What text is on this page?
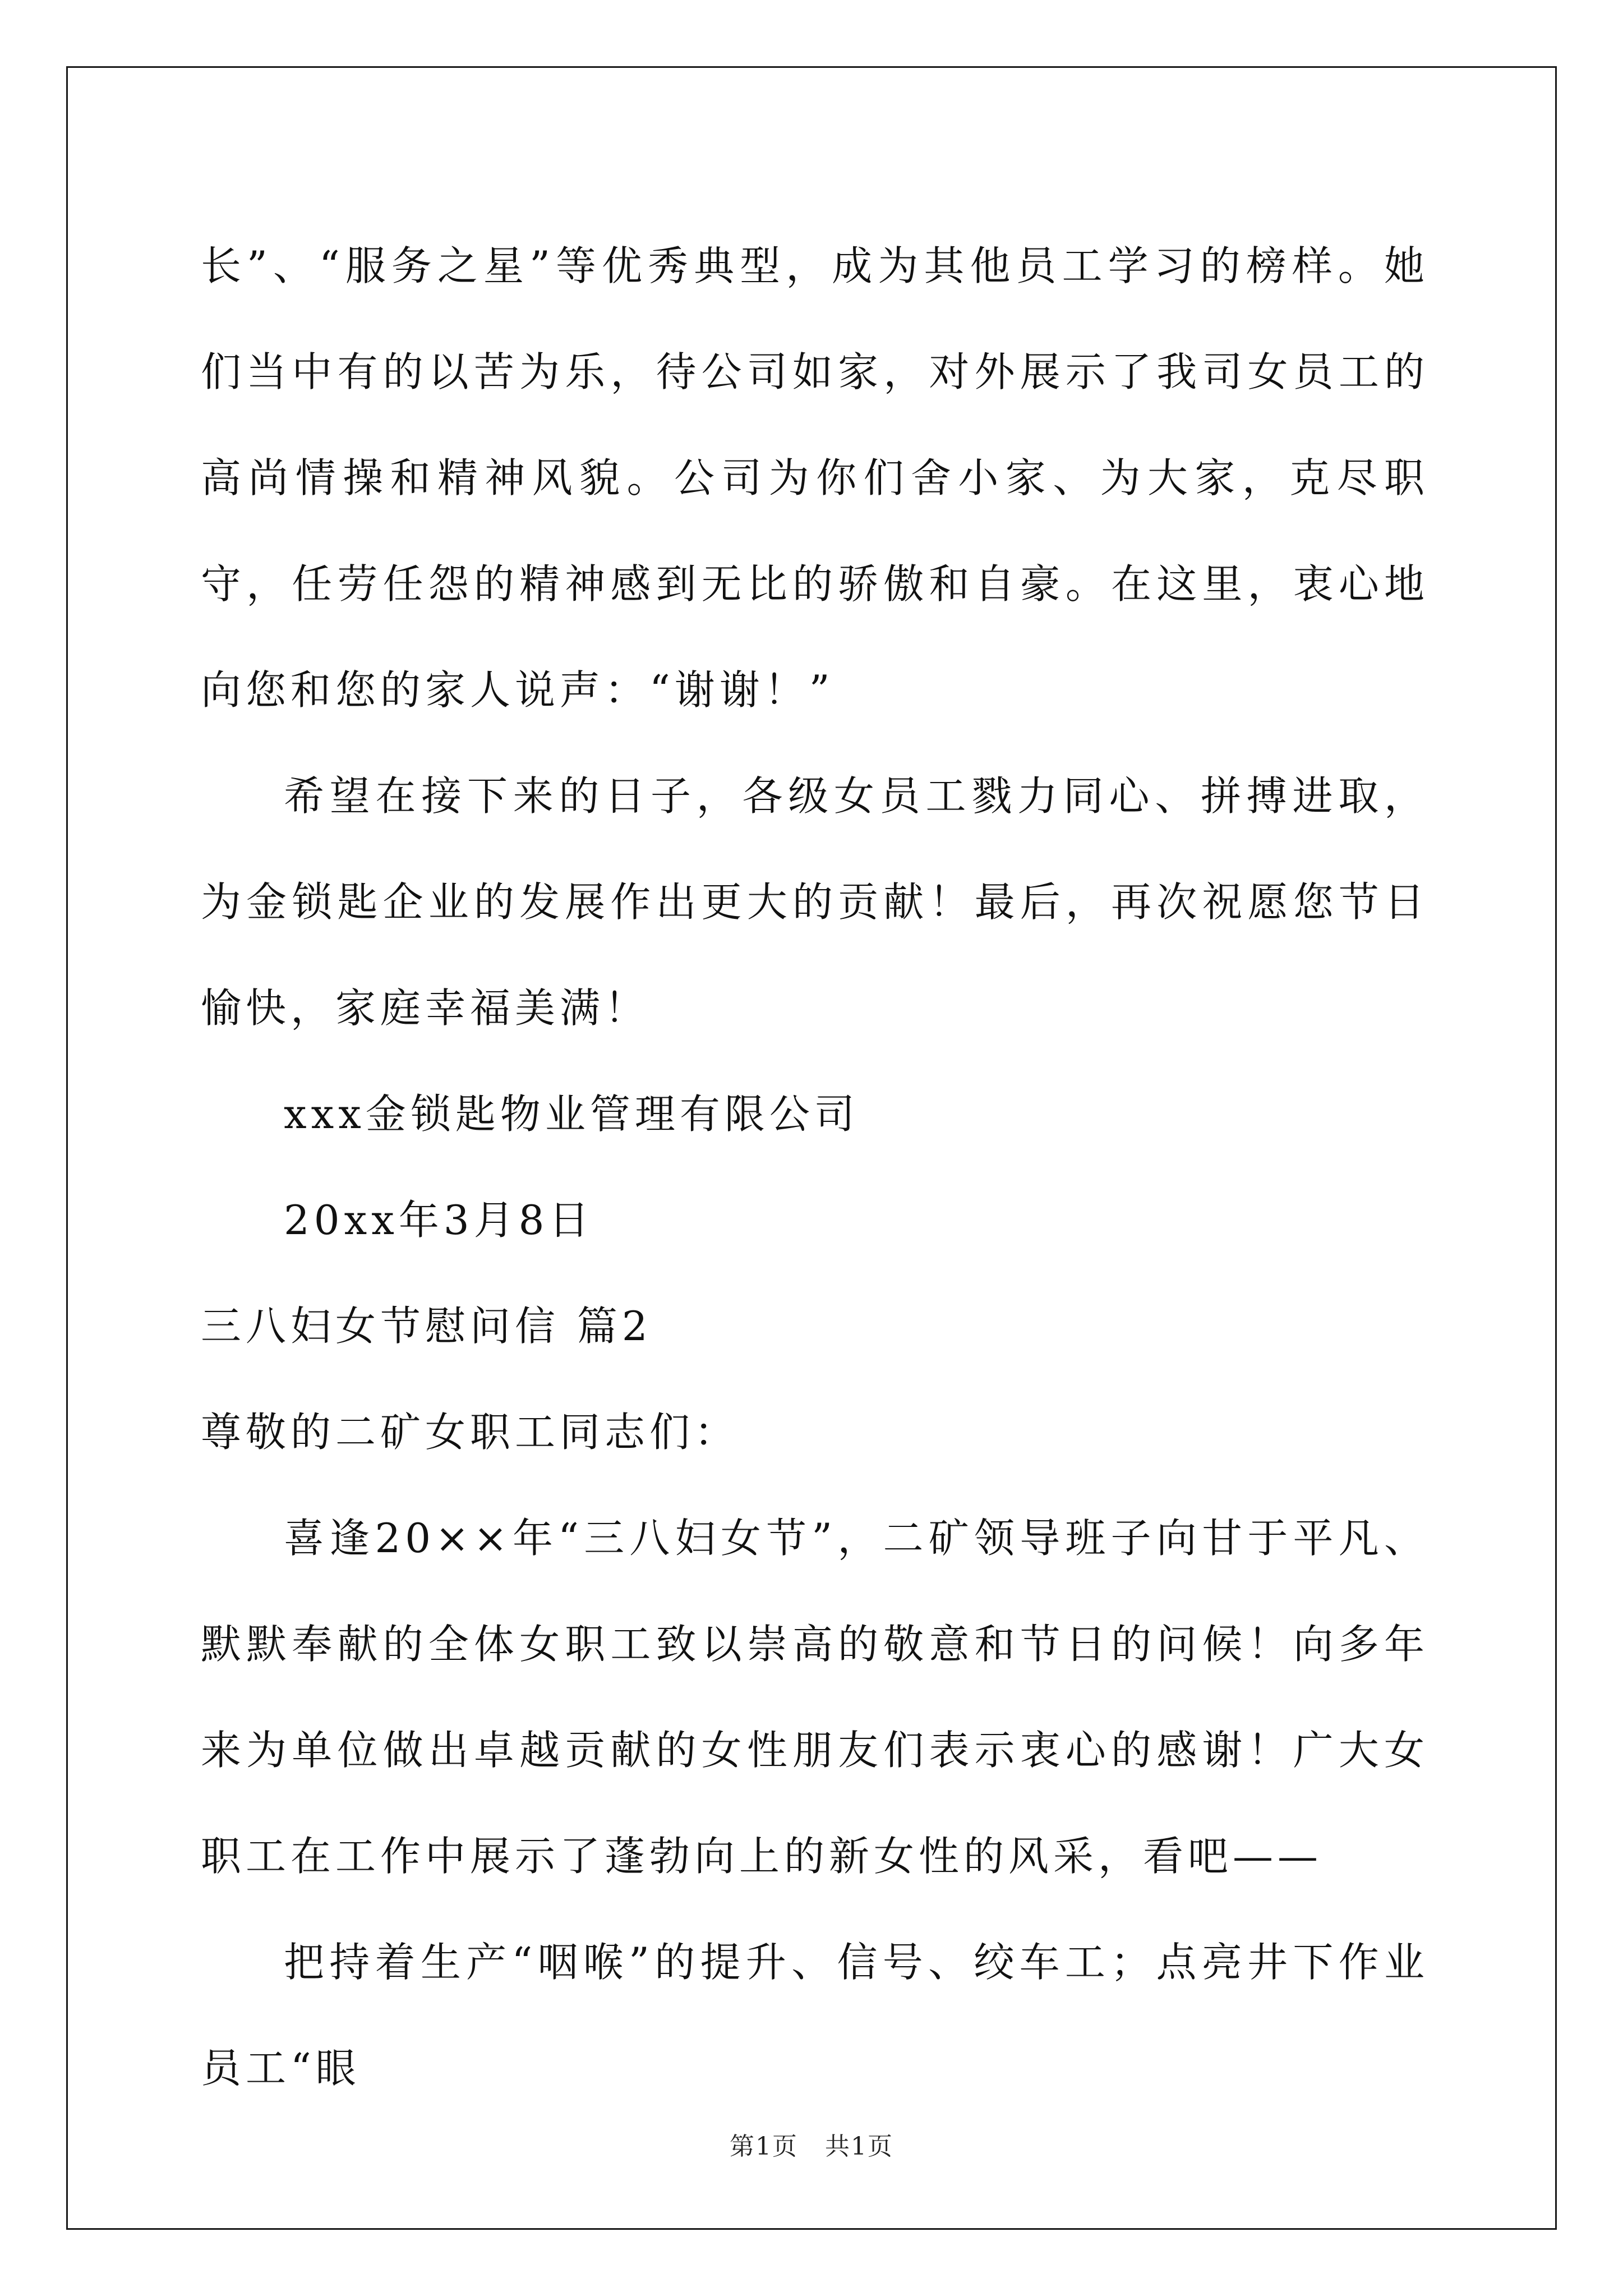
长”、“服务之星”等优秀典型，成为其他员工学习的榜样。她们当中有的以苦为乐，待公司如家，对外展示了我司女员工的高尚情操和精神风貌。公司为你们舍小家、为大家，克尽职守，任劳任怨的精神感到无比的骄傲和自豪。在这里，衷心地向您和您的家人说声：“谢谢！”

希望在接下来的日子，各级女员工戮力同心、拼搏进取，为金锁匙企业的发展作出更大的贡献！最后，再次祝愿您节日愉快，家庭幸福美满！

xxx金锁匙物业管理有限公司

20xx年3月8日

三八妇女节慰问信 篇2

尊敬的二矿女职工同志们：

喜逢20××年“三八妇女节”，二矿领导班子向甘于平凡、默默奉献的全体女职工致以崇高的敬意和节日的问候！向多年来为单位做出卓越贡献的女性朋友们表示衷心的感谢！广大女职工在工作中展示了蓬勃向上的新女性的风采，看吧——

把持着生产“咽喉”的提升、信号、绞车工；点亮井下作业员工“眼

第1页 共1页
